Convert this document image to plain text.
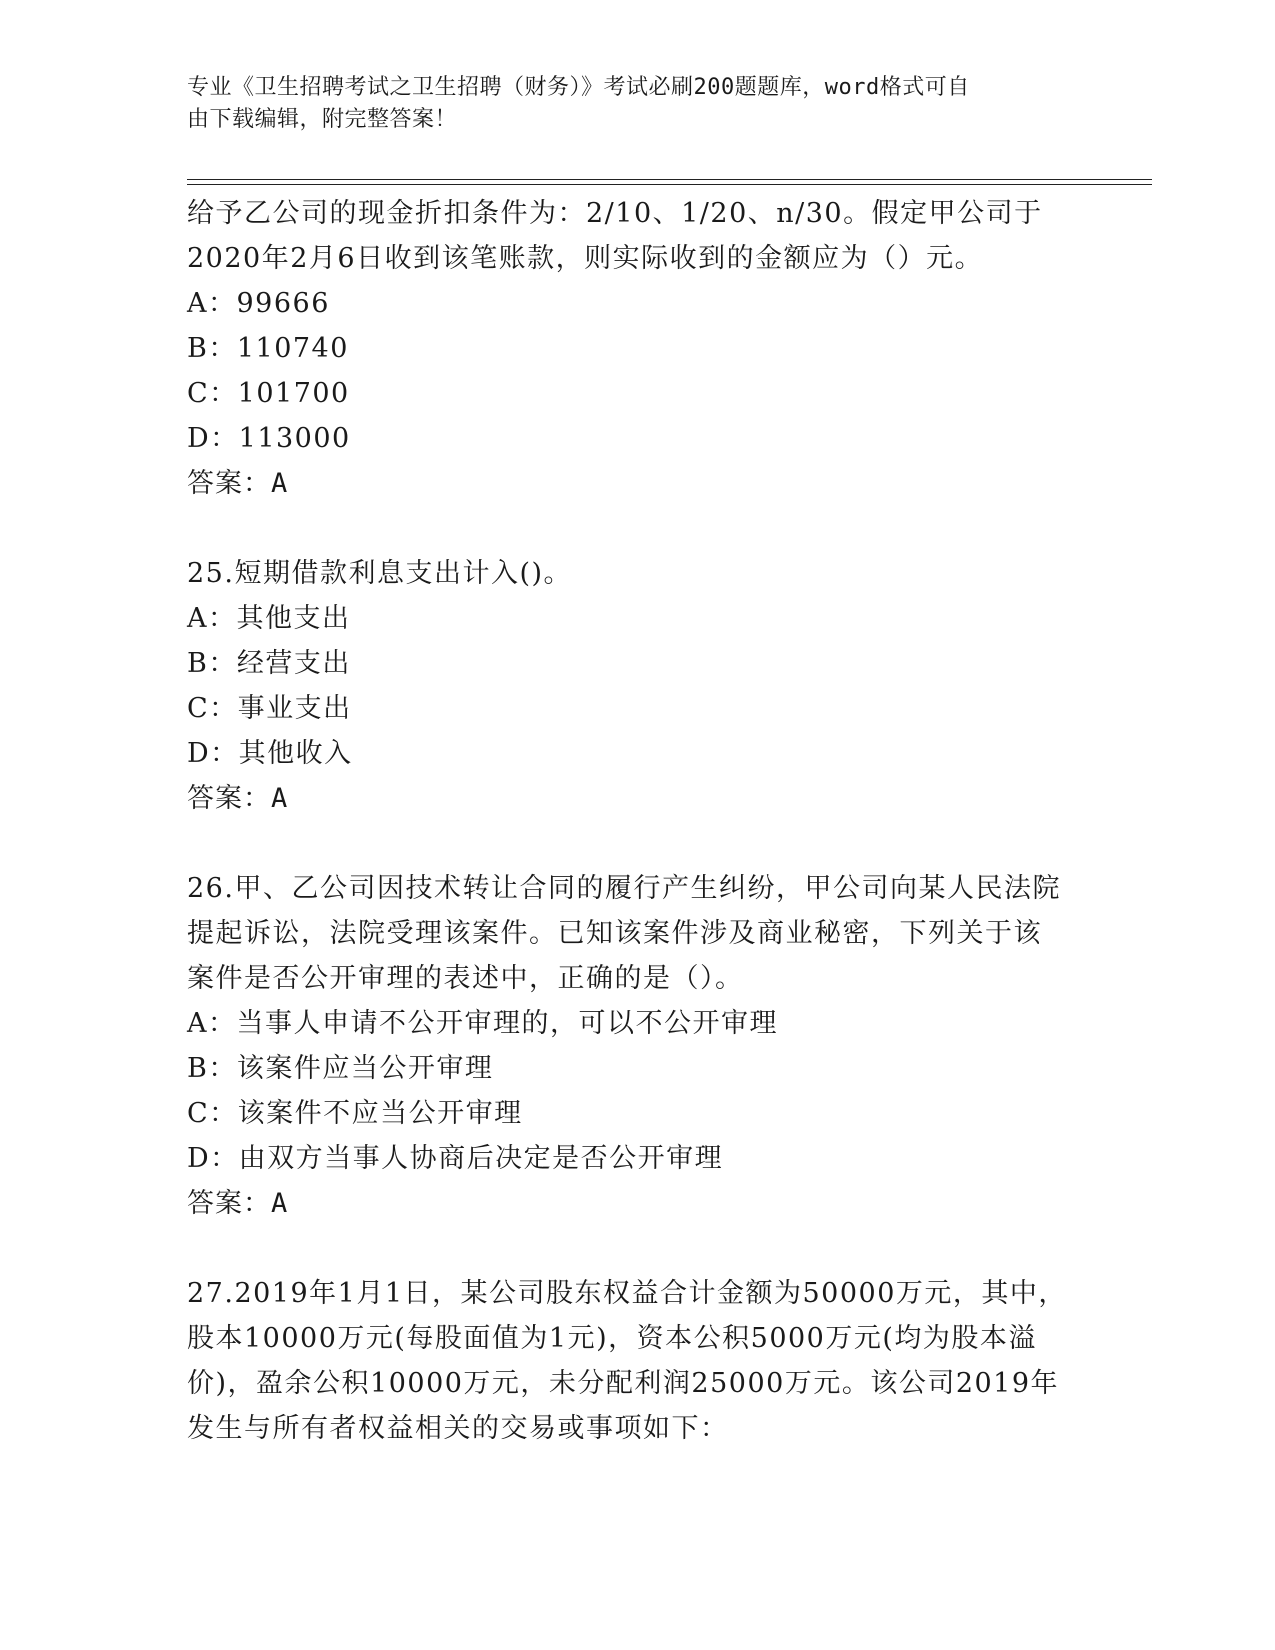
专业《卫生招聘考试之卫生招聘（财务）》考试必刷200题题库，word格式可自
由下载编辑，附完整答案！
给予乙公司的现金折扣条件为：2/10、1/20、n/30。假定甲公司于
2020年2月6日收到该笔账款，则实际收到的金额应为（）元。
A：99666
B：110740
C：101700
D：113000
答案：A
25.短期借款利息支出计入()。
A：其他支出
B：经营支出
C：事业支出
D：其他收入
答案：A
26.甲、乙公司因技术转让合同的履行产生纠纷，甲公司向某人民法院
提起诉讼，法院受理该案件。已知该案件涉及商业秘密，下列关于该
案件是否公开审理的表述中，正确的是（）。
A：当事人申请不公开审理的，可以不公开审理
B：该案件应当公开审理
C：该案件不应当公开审理
D：由双方当事人协商后决定是否公开审理
答案：A
27.2019年1月1日，某公司股东权益合计金额为50000万元，其中，
股本10000万元(每股面值为1元)，资本公积5000万元(均为股本溢
价)，盈余公积10000万元，未分配利润25000万元。该公司2019年
发生与所有者权益相关的交易或事项如下：
